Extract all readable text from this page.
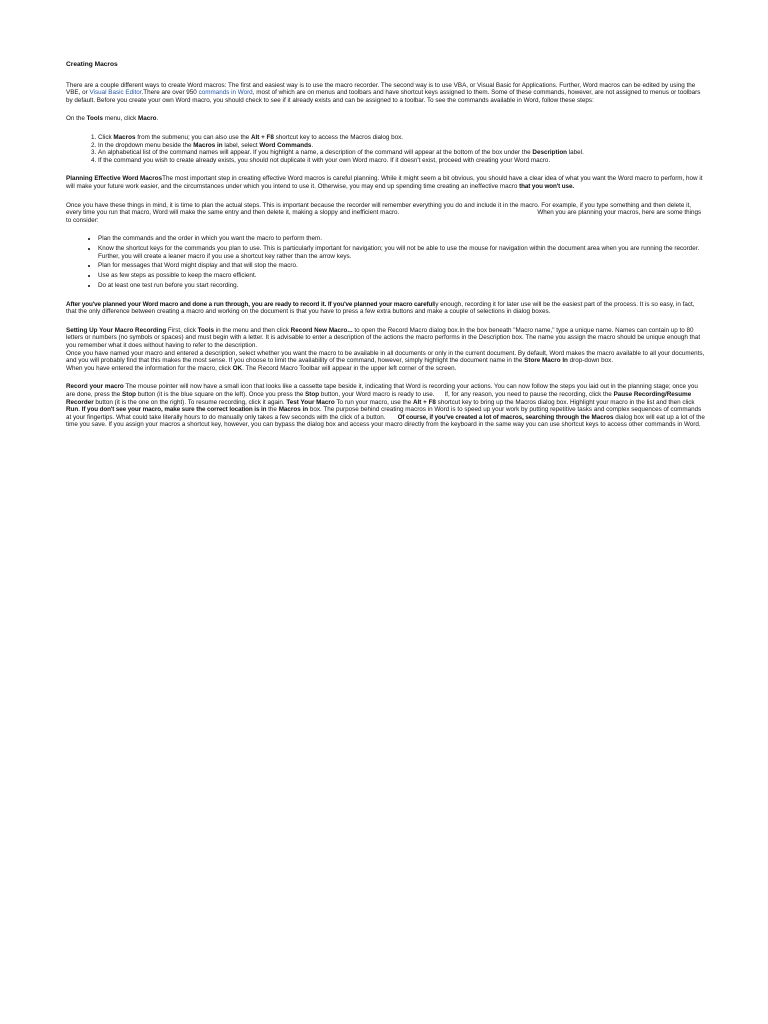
Creating Macros

There are a couple different ways to create Word macros: The first and easiest way is to use the macro recorder. The second way is to use VBA, or Visual Basic for Applications. Further, Word macros can be edited by using the VBE, or Visual Basic Editor.There are over 950 commands in Word, most of which are on menus and toolbars and have shortcut keys assigned to them. Some of these commands, however, are not assigned to menus or toolbars by default. Before you create your own Word macro, you should check to see if it already exists and can be assigned to a toolbar. To see the commands available in Word, follow these steps:

On the Tools menu, click Macro.

1. Click Macros from the submenu; you can also use the Alt + F8 shortcut key to access the Macros dialog box.
2. In the dropdown menu beside the Macros in label, select Word Commands.
3. An alphabetical list of the command names will appear. If you highlight a name, a description of the command will appear at the bottom of the box under the Description label.
4. If the command you wish to create already exists, you should not duplicate it with your own Word macro. If it doesn't exist, proceed with creating your Word macro.

Planning Effective Word MacrosThe most important step in creating effective Word macros is careful planning. While it might seem a bit obvious, you should have a clear idea of what you want the Word macro to perform, how it will make your future work easier, and the circumstances under which you intend to use it. Otherwise, you may end up spending time creating an ineffective macro that you won't use.

Once you have these things in mind, it is time to plan the actual steps. This is important because the recorder will remember everything you do and include it in the macro. For example, if you type something and then delete it, every time you run that macro, Word will make the same entry and then delete it, making a sloppy and inefficient macro.	When you are planning your macros, here are some things to consider:

• Plan the commands and the order in which you want the macro to perform them.
• Know the shortcut keys for the commands you plan to use. This is particularly important for navigation; you will not be able to use the mouse for navigation within the document area when you are running the recorder. Further, you will create a leaner macro if you use a shortcut key rather than the arrow keys.
• Plan for messages that Word might display and that will stop the macro.
• Use as few steps as possible to keep the macro efficient.
• Do at least one test run before you start recording.

After you've planned your Word macro and done a run through, you are ready to record it. If you've planned your macro carefully enough, recording it for later use will be the easiest part of the process. It is so easy, in fact, that the only difference between creating a macro and working on the document is that you have to press a few extra buttons and make a couple of selections in dialog boxes.

Setting Up Your Macro Recording First, click Tools in the menu and then click Record New Macro... to open the Record Macro dialog box.In the box beneath "Macro name," type a unique name. Names can contain up to 80 letters or numbers (no symbols or spaces) and must begin with a letter. It is advisable to enter a description of the actions the macro performs in the Description box. The name you assign the macro should be unique enough that you remember what it does without having to refer to the description.

Once you have named your macro and entered a description, select whether you want the macro to be available in all documents or only in the current document. By default, Word makes the macro available to all your documents, and you will probably find that this makes the most sense. If you choose to limit the availability of the command, however, simply highlight the document name in the Store Macro In drop-down box.

When you have entered the information for the macro, click OK. The Record Macro Toolbar will appear in the upper left corner of the screen.

Record your macro The mouse pointer will now have a small icon that looks like a cassette tape beside it, indicating that Word is recording your actions. You can now follow the steps you laid out in the planning stage; once you are done, press the Stop button (it is the blue square on the left). Once you press the Stop button, your Word macro is ready to use. If, for any reason, you need to pause the recording, click the Pause Recording/Resume Recorder button (it is the one on the right). To resume recording, click it again. Test Your Macro To run your macro, use the Alt + F8 shortcut key to bring up the Macros dialog box. Highlight your macro in the list and then click Run. If you don't see your macro, make sure the correct location is in the Macros in box. The purpose behind creating macros in Word is to speed up your work by putting repetitive tasks and complex sequences of commands at your fingertips. What could take literally hours to do manually only takes a few seconds with the click of a button. Of course, if you've created a lot of macros, searching through the Macros dialog box will eat up a lot of the time you save. If you assign your macros a shortcut key, however, you can bypass the dialog box and access your macro directly from the keyboard in the same way you can use shortcut keys to access other commands in Word.
